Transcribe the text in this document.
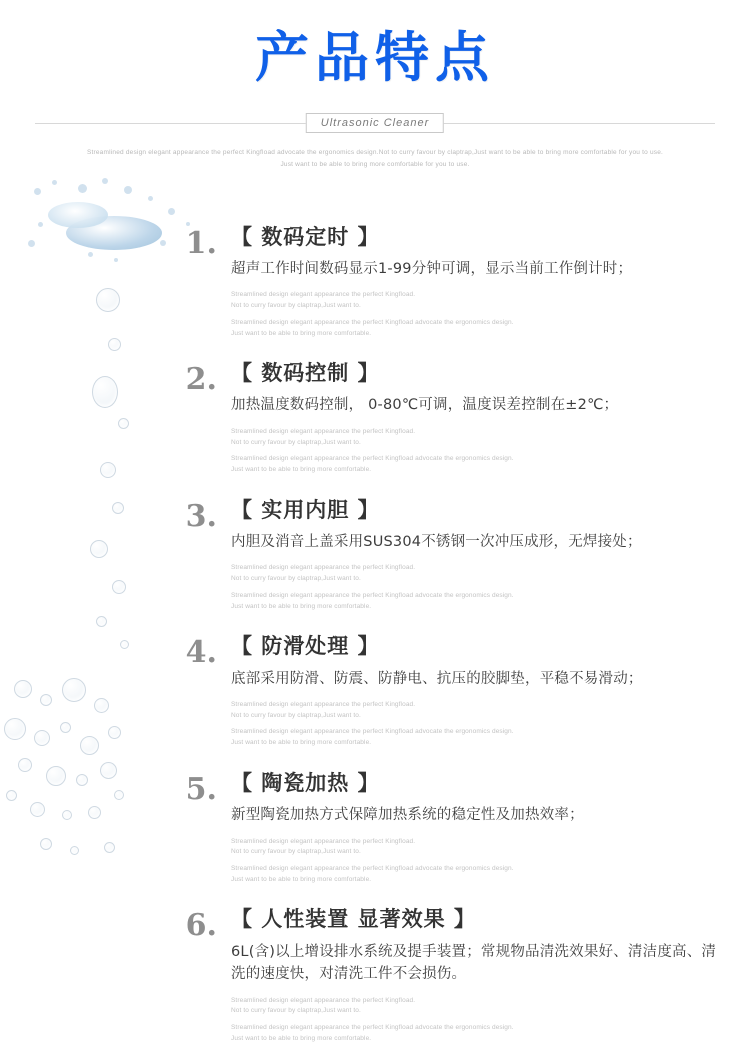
产品特点
Ultrasonic Cleaner
Streamlined design elegant appearance the perfect Kingfload advocate the ergonomics design.Not to curry favour by claptrap,Just want to be able to bring more comfortable for you to use.
Just want to be able to bring more comfortable for you to use.
1. 【 数码定时 】
超声工作时间数码显示1-99分钟可调，显示当前工作倒计时；
Streamlined design elegant appearance the perfect Kingfload.
Not to curry favour by claptrap,Just want to.
Streamlined design elegant appearance the perfect Kingfload advocate the ergonomics design.
Just want to be able to bring more comfortable.
2. 【 数码控制 】
加热温度数码控制， 0-80℃可调，温度误差控制在±2℃；
Streamlined design elegant appearance the perfect Kingfload.
Not to curry favour by claptrap,Just want to.
Streamlined design elegant appearance the perfect Kingfload advocate the ergonomics design.
Just want to be able to bring more comfortable.
3. 【 实用内胆 】
内胆及消音上盖采用SUS304不锈钢一次冲压成形，无焊接处；
Streamlined design elegant appearance the perfect Kingfload.
Not to curry favour by claptrap,Just want to.
Streamlined design elegant appearance the perfect Kingfload advocate the ergonomics design.
Just want to be able to bring more comfortable.
4. 【 防滑处理 】
底部采用防滑、防震、防静电、抗压的胶脚垫，平稳不易滑动；
Streamlined design elegant appearance the perfect Kingfload.
Not to curry favour by claptrap,Just want to.
Streamlined design elegant appearance the perfect Kingfload advocate the ergonomics design.
Just want to be able to bring more comfortable.
5. 【 陶瓷加热 】
新型陶瓷加热方式保障加热系统的稳定性及加热效率；
Streamlined design elegant appearance the perfect Kingfload.
Not to curry favour by claptrap,Just want to.
Streamlined design elegant appearance the perfect Kingfload advocate the ergonomics design.
Just want to be able to bring more comfortable.
6. 【 人性装置 显著效果 】
6L(含)以上增设排水系统及提手装置；常规物品清洗效果好、清洁度高、清洗的速度快，对清洗工件不会损伤。
Streamlined design elegant appearance the perfect Kingfload.
Not to curry favour by claptrap,Just want to.
Streamlined design elegant appearance the perfect Kingfload advocate the ergonomics design.
Just want to be able to bring more comfortable.
